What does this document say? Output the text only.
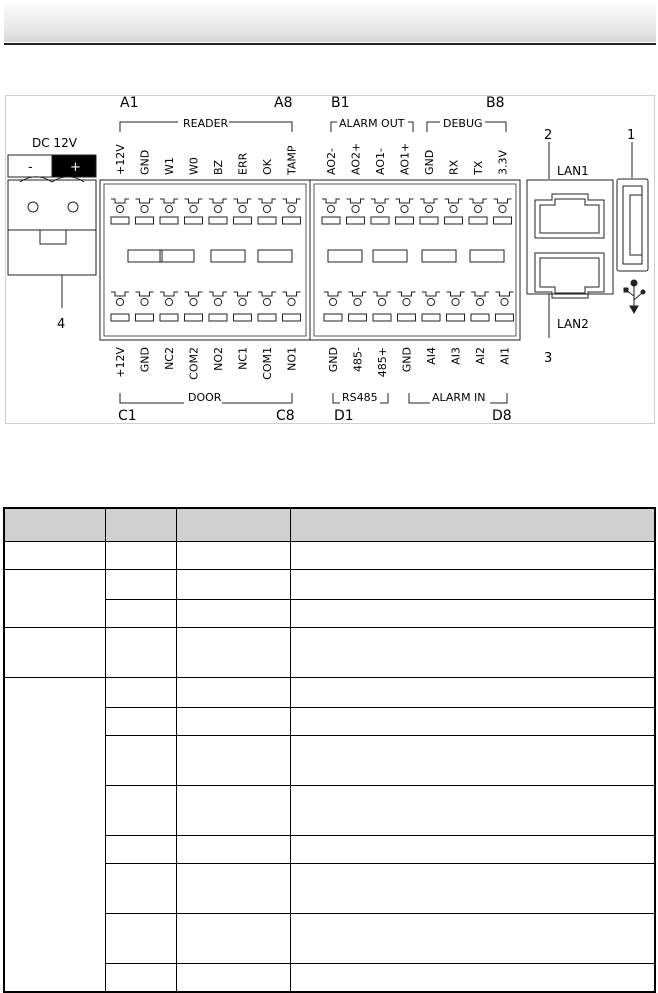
DC 12V
-	+
4
A1	A8
READER
B1	B8
ALARM OUT	DEBUG
DOOR
C1	C8
RS485	ALARM IN
D1	D8
+12V GND W1 W0 BZ ERR OK TAMP
+12V GND NC2 COM2 NO2 NC1 COM1 NO1
AO2- AO2+ AO1- AO1+ GND RX TX 3.3V
GND 485- 485+ GND AI4 AI3 AI2 AI1
2
LAN1
LAN2
3
1
